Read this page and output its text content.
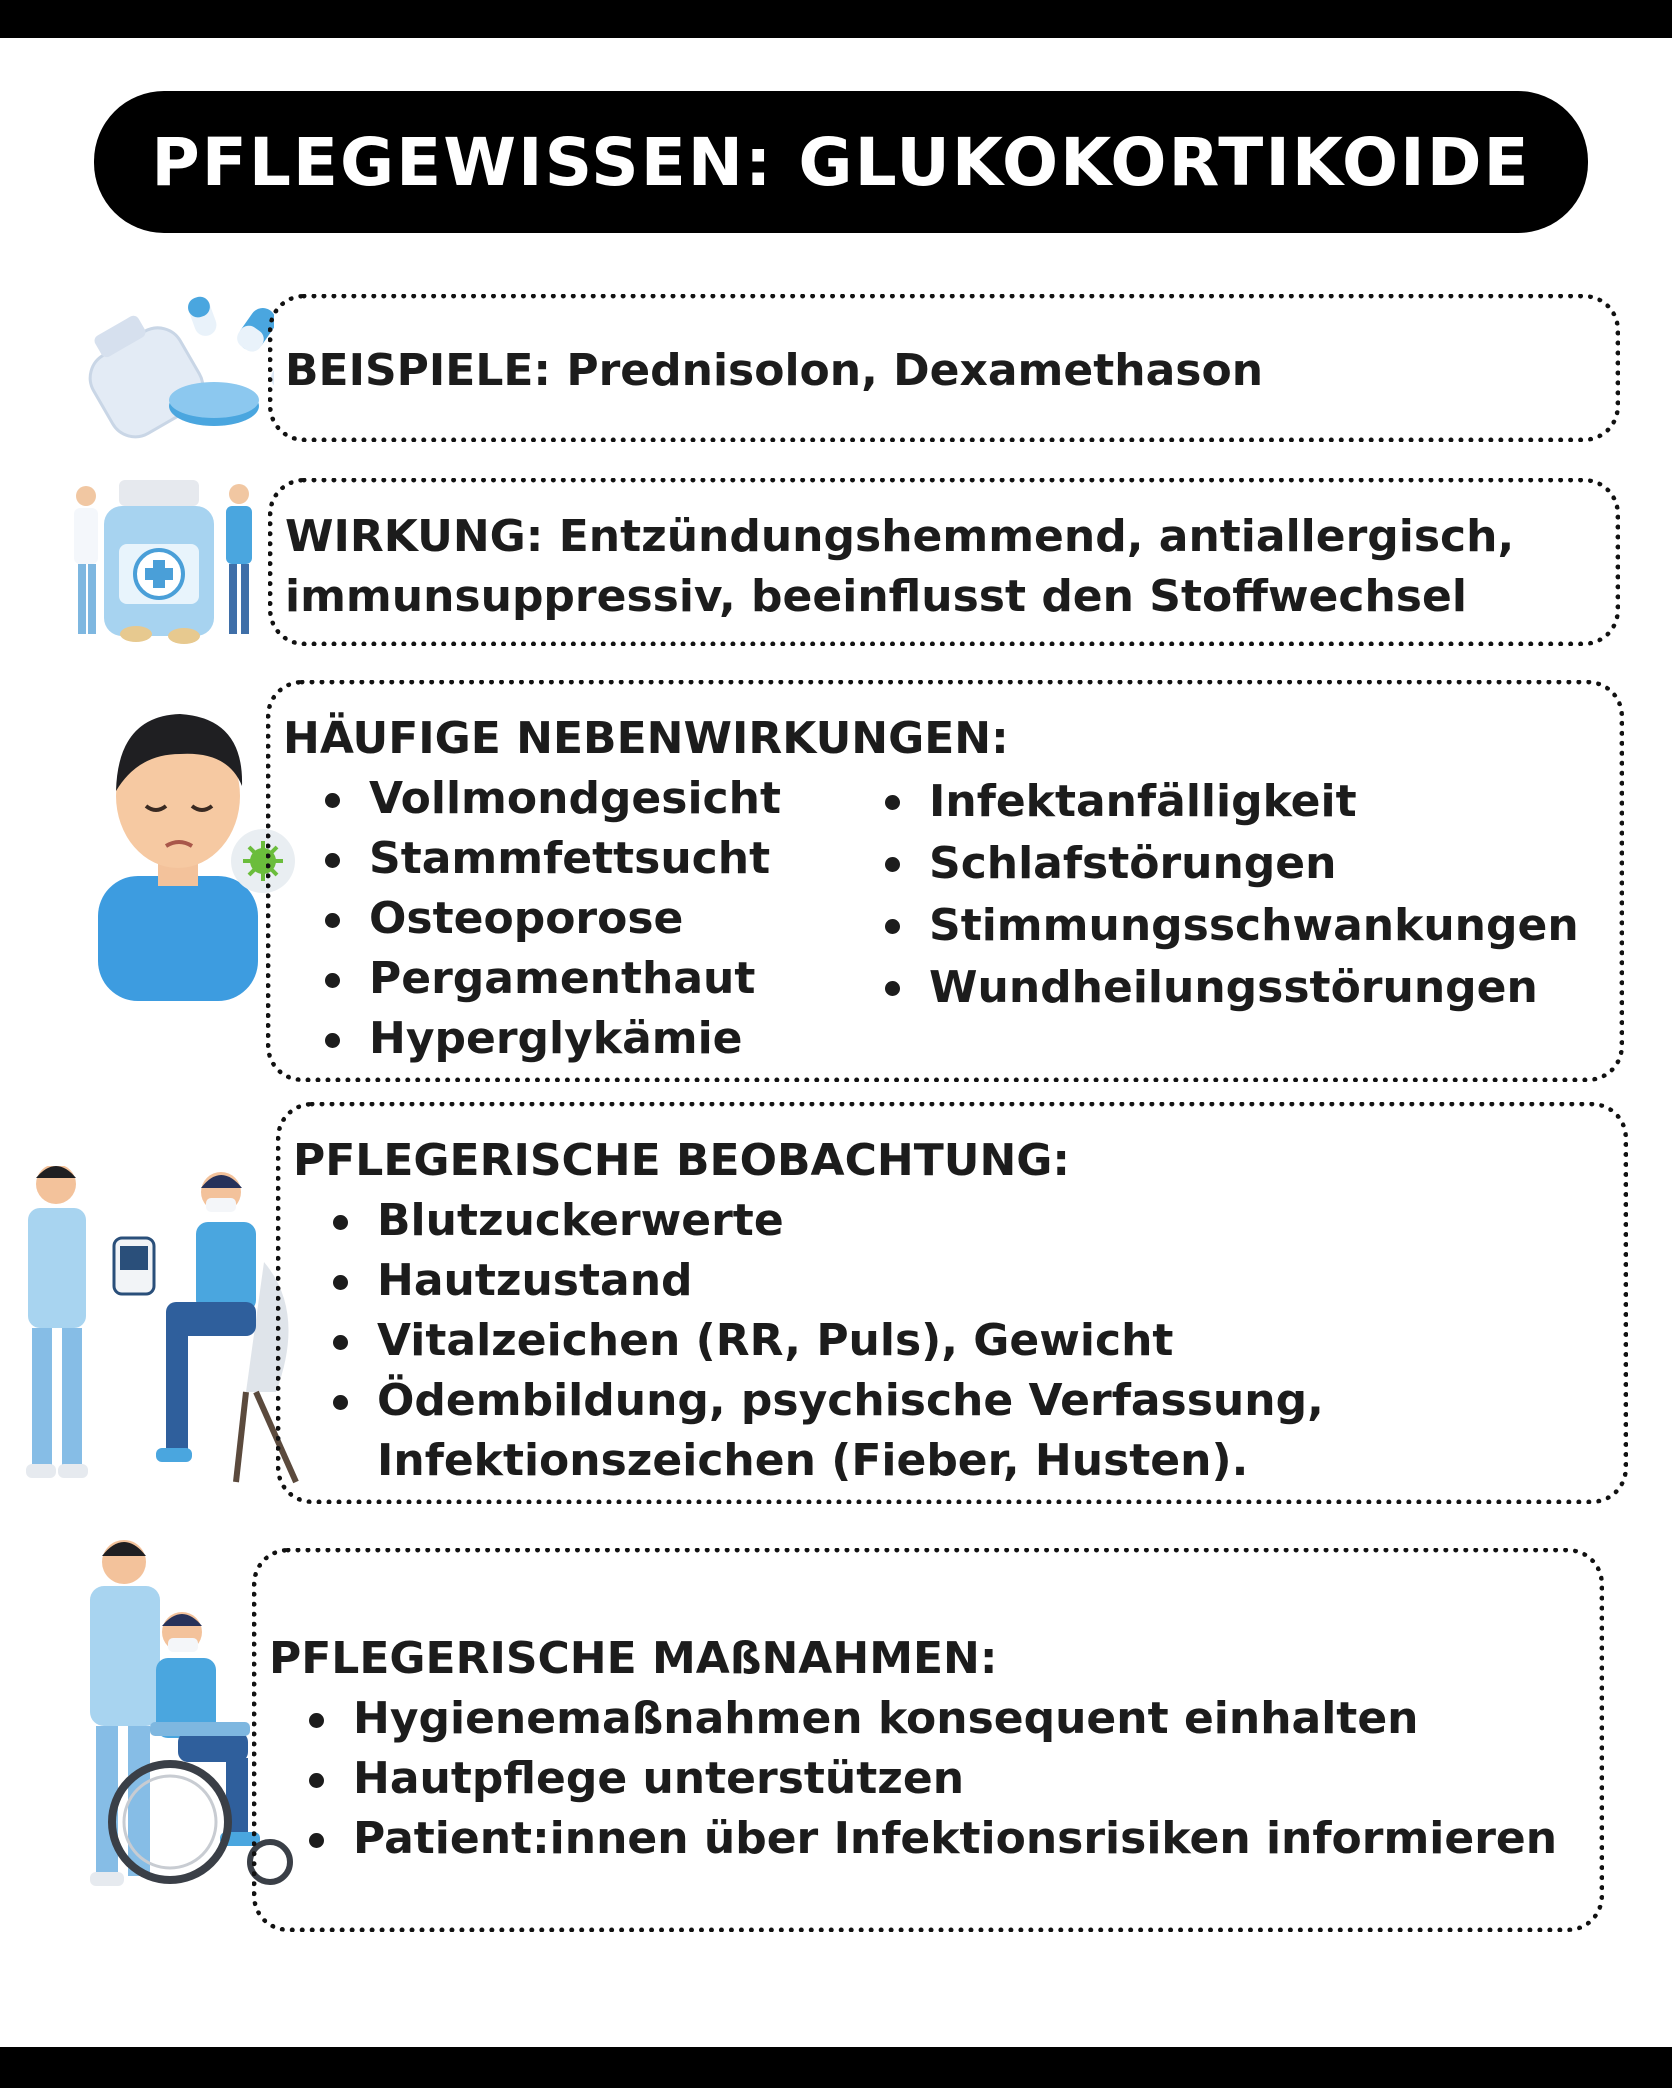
PFLEGEWISSEN: GLUKOKORTIKOIDE
BEISPIELE: Prednisolon, Dexamethason
WIRKUNG: Entzündungshemmend, antiallergisch,
immunsuppressiv, beeinflusst den Stoffwechsel
HÄUFIGE NEBENWIRKUNGEN:
Vollmondgesicht
Stammfettsucht
Osteoporose
Pergamenthaut
Hyperglykämie
Infektanfälligkeit
Schlafstörungen
Stimmungsschwankungen
Wundheilungsstörungen
PFLEGERISCHE BEOBACHTUNG:
Blutzuckerwerte
Hautzustand
Vitalzeichen (RR, Puls), Gewicht
Ödembildung, psychische Verfassung,
Infektionszeichen (Fieber, Husten).
PFLEGERISCHE MAßNAHMEN:
Hygienemaßnahmen konsequent einhalten
Hautpflege unterstützen
Patient:innen über Infektionsrisiken informieren
